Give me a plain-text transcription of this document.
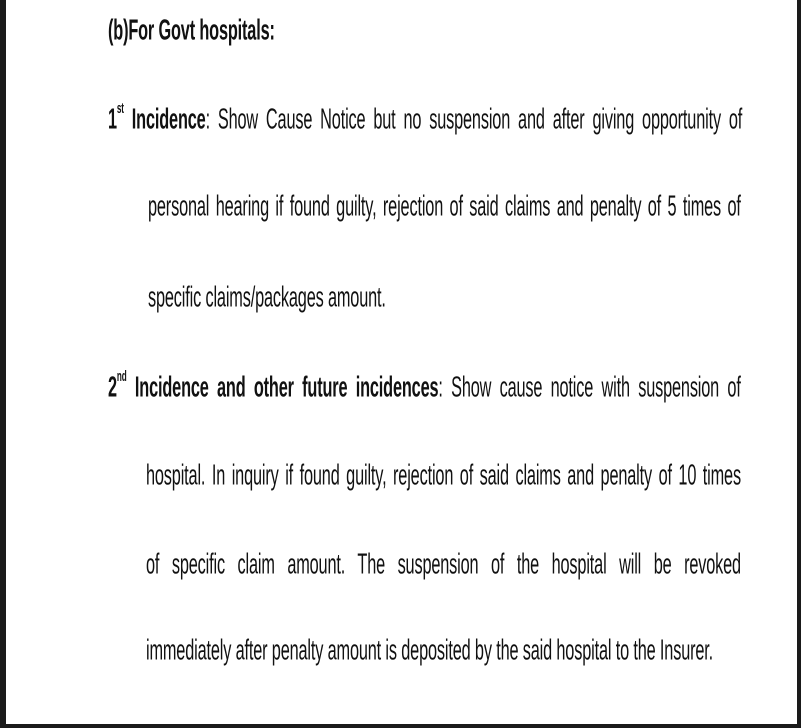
(b)For Govt hospitals:
1st Incidence: Show Cause Notice but no suspension and after giving opportunity of
personal hearing if found guilty, rejection of said claims and penalty of 5 times of
specific claims/packages amount.
2nd Incidence and other future incidences: Show cause notice with suspension of
hospital. In inquiry if found guilty, rejection of said claims and penalty of 10 times
of specific claim amount. The suspension of the hospital will be revoked
immediately after penalty amount is deposited by the said hospital to the Insurer.
